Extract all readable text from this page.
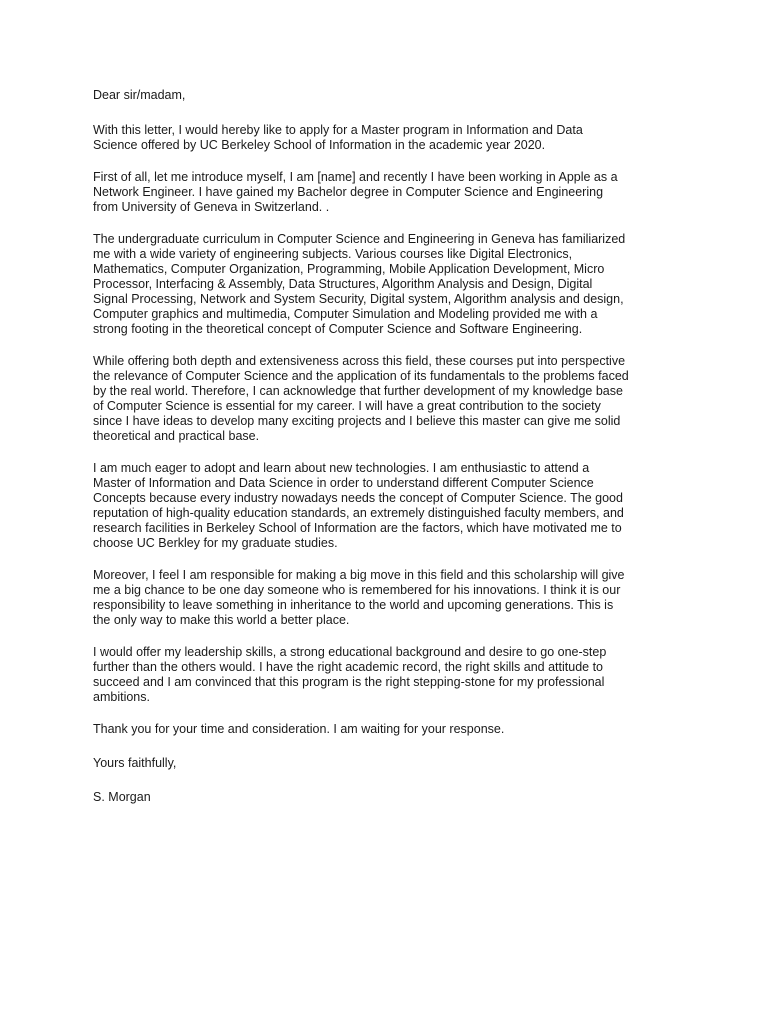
Dear sir/madam,

With this letter, I would hereby like to apply for a Master program in Information and Data
Science offered by UC Berkeley School of Information in the academic year 2020.

First of all, let me introduce myself, I am [name] and recently I have been working in Apple as a
Network Engineer. I have gained my Bachelor degree in Computer Science and Engineering
from University of Geneva in Switzerland. .

The undergraduate curriculum in Computer Science and Engineering in Geneva has familiarized
me with a wide variety of engineering subjects. Various courses like Digital Electronics,
Mathematics, Computer Organization, Programming, Mobile Application Development, Micro
Processor, Interfacing & Assembly, Data Structures, Algorithm Analysis and Design, Digital
Signal Processing, Network and System Security, Digital system, Algorithm analysis and design,
Computer graphics and multimedia, Computer Simulation and Modeling provided me with a
strong footing in the theoretical concept of Computer Science and Software Engineering.

While offering both depth and extensiveness across this field, these courses put into perspective
the relevance of Computer Science and the application of its fundamentals to the problems faced
by the real world. Therefore, I can acknowledge that further development of my knowledge base
of Computer Science is essential for my career. I will have a great contribution to the society
since I have ideas to develop many exciting projects and I believe this master can give me solid
theoretical and practical base.

I am much eager to adopt and learn about new technologies. I am enthusiastic to attend a
Master of Information and Data Science in order to understand different Computer Science
Concepts because every industry nowadays needs the concept of Computer Science. The good
reputation of high-quality education standards, an extremely distinguished faculty members, and
research facilities in Berkeley School of Information are the factors, which have motivated me to
choose UC Berkley for my graduate studies.

Moreover, I feel I am responsible for making a big move in this field and this scholarship will give
me a big chance to be one day someone who is remembered for his innovations. I think it is our
responsibility to leave something in inheritance to the world and upcoming generations. This is
the only way to make this world a better place.

I would offer my leadership skills, a strong educational background and desire to go one-step
further than the others would. I have the right academic record, the right skills and attitude to
succeed and I am convinced that this program is the right stepping-stone for my professional
ambitions.

Thank you for your time and consideration. I am waiting for your response.

Yours faithfully,

S. Morgan
